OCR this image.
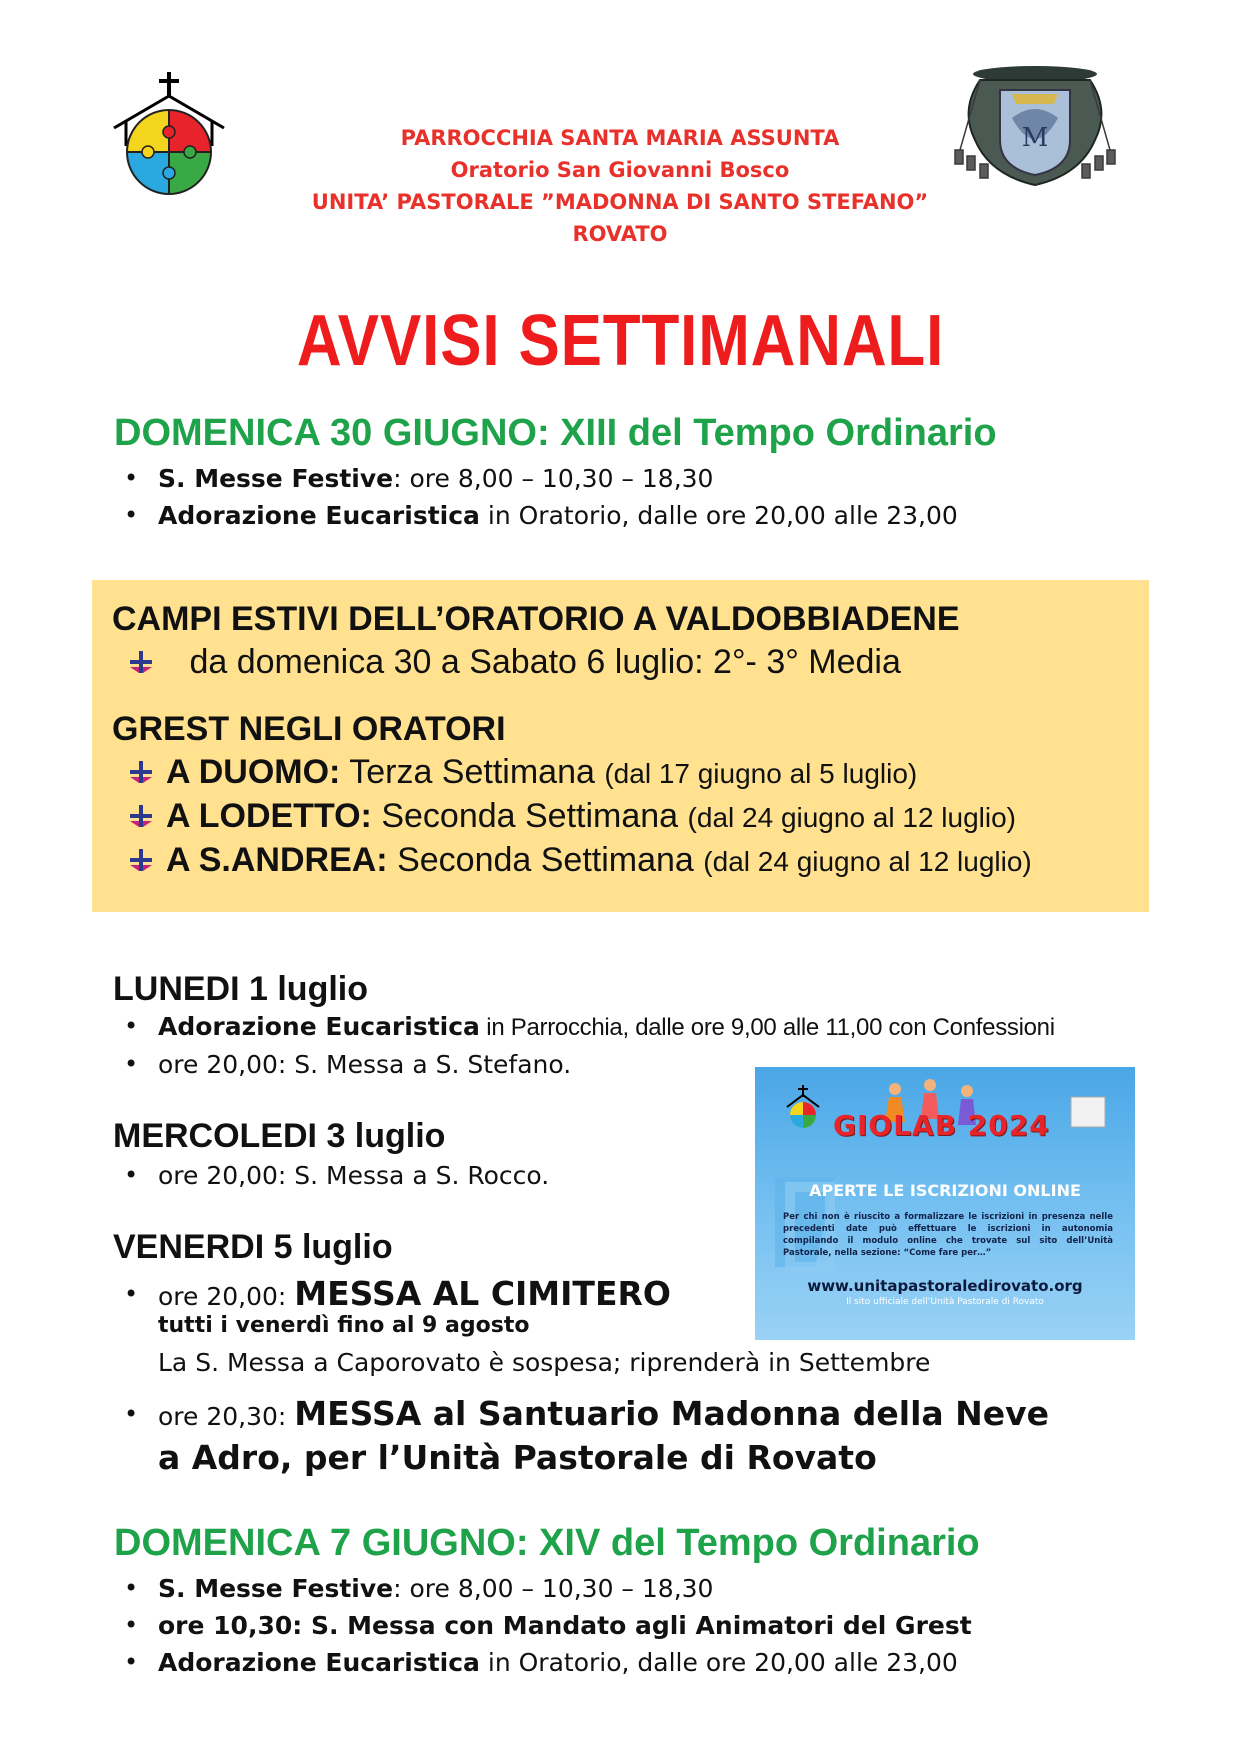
M
PARROCCHIA SANTA MARIA ASSUNTA
Oratorio San Giovanni Bosco
UNITA’ PASTORALE ”MADONNA DI SANTO STEFANO”
ROVATO
AVVISI SETTIMANALI
DOMENICA 30 GIUGNO: XIII del Tempo Ordinario
• S. Messe Festive: ore 8,00 – 10,30 – 18,30
• Adorazione Eucaristica in Oratorio, dalle ore 20,00 alle 23,00
CAMPI ESTIVI DELL’ORATORIO A VALDOBBIADENE
da domenica 30 a Sabato 6 luglio: 2°- 3° Media
GREST NEGLI ORATORI
A DUOMO: Terza Settimana (dal 17 giugno al 5 luglio)
A LODETTO: Seconda Settimana (dal 24 giugno al 12 luglio)
A S.ANDREA: Seconda Settimana (dal 24 giugno al 12 luglio)
LUNEDI 1 luglio
• Adorazione Eucaristica in Parrocchia, dalle ore 9,00 alle 11,00 con Confessioni
• ore 20,00: S. Messa a S. Stefano.
MERCOLEDI 3 luglio
• ore 20,00: S. Messa a S. Rocco.
VENERDI 5 luglio
• ore 20,00: MESSA AL CIMITERO
tutti i venerdì fino al 9 agosto
La S. Messa a Caporovato è sospesa; riprenderà in Settembre
• ore 20,30: MESSA al Santuario Madonna della Neve
a Adro, per l’Unità Pastorale di Rovato
GIOLAB 2024
APERTE LE ISCRIZIONI ONLINE
Per chi non è riuscito a formalizzare le iscrizioni in presenza nelle precedenti date può effettuare le iscrizioni in autonomia compilando il modulo online che trovate sul sito dell’Unità Pastorale, nella sezione: “Come fare per…”
www.unitapastoraledirovato.org
Il sito ufficiale dell’Unità Pastorale di Rovato
DOMENICA 7 GIUGNO: XIV del Tempo Ordinario
• S. Messe Festive: ore 8,00 – 10,30 – 18,30
• ore 10,30: S. Messa con Mandato agli Animatori del Grest
• Adorazione Eucaristica in Oratorio, dalle ore 20,00 alle 23,00
